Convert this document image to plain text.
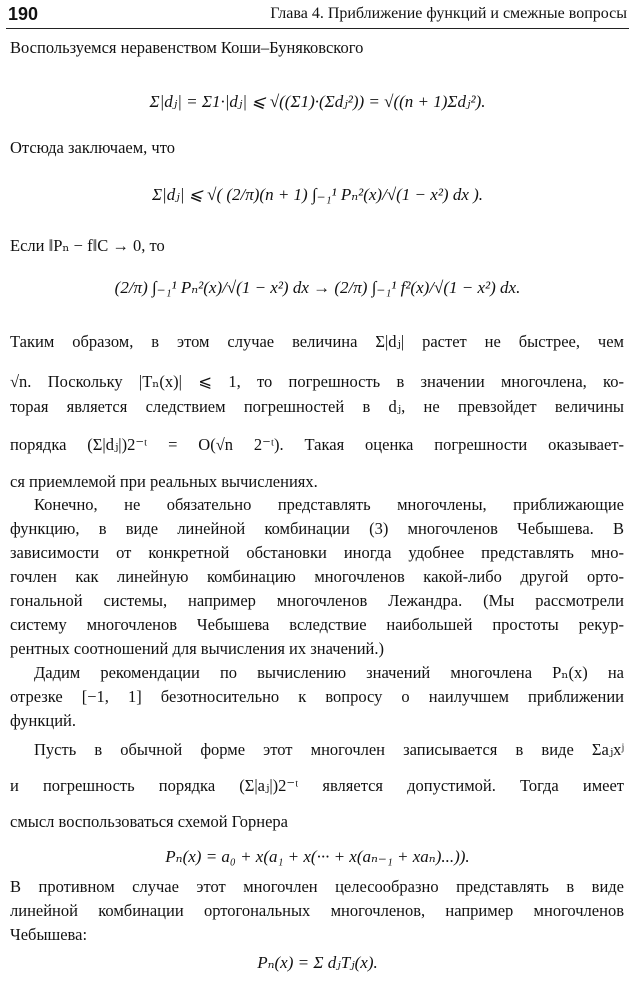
190	Глава 4. Приближение функций и смежные вопросы
Воспользуемся неравенством Коши–Буняковского
Σ|dⱼ| = Σ1·|dⱼ| ⩽ √((Σ1)·(Σdⱼ²)) = √((n + 1)Σdⱼ²).
Отсюда заключаем, что
Σ|dⱼ| ⩽ √( (2/π)(n + 1) ∫₋₁¹ Pₙ²(x)/√(1 − x²) dx ).
Если ‖Pₙ − f‖C → 0, то
(2/π) ∫₋₁¹ Pₙ²(x)/√(1 − x²) dx → (2/π) ∫₋₁¹ f²(x)/√(1 − x²) dx.
Таким образом, в этом случае величина Σ|dⱼ| растет не быстрее, чем
√n. Поскольку |Tₙ(x)| ⩽ 1, то погрешность в значении многочлена, ко-
торая является следствием погрешностей в dⱼ, не превзойдет величины
порядка (Σ|dⱼ|)2⁻ᵗ = O(√n 2⁻ᵗ). Такая оценка погрешности оказывает-
ся приемлемой при реальных вычислениях.
Конечно, не обязательно представлять многочлены, приближающие
функцию, в виде линейной комбинации (3) многочленов Чебышева. В
зависимости от конкретной обстановки иногда удобнее представлять мно-
гочлен как линейную комбинацию многочленов какой-либо другой орто-
гональной системы, например многочленов Лежандра. (Мы рассмотрели
систему многочленов Чебышева вследствие наибольшей простоты рекур-
рентных соотношений для вычисления их значений.)
Дадим рекомендации по вычислению значений многочлена Pₙ(x) на
отрезке [−1, 1] безотносительно к вопросу о наилучшем приближении
функций.
Пусть в обычной форме этот многочлен записывается в виде Σaⱼxʲ
и погрешность порядка (Σ|aⱼ|)2⁻ᵗ является допустимой. Тогда имеет
смысл воспользоваться схемой Горнера
Pₙ(x) = a₀ + x(a₁ + x(··· + x(aₙ₋₁ + xaₙ)...)).
В противном случае этот многочлен целесообразно представлять в виде
линейной комбинации ортогональных многочленов, например многочленов
Чебышева:
Pₙ(x) = Σ dⱼTⱼ(x).
